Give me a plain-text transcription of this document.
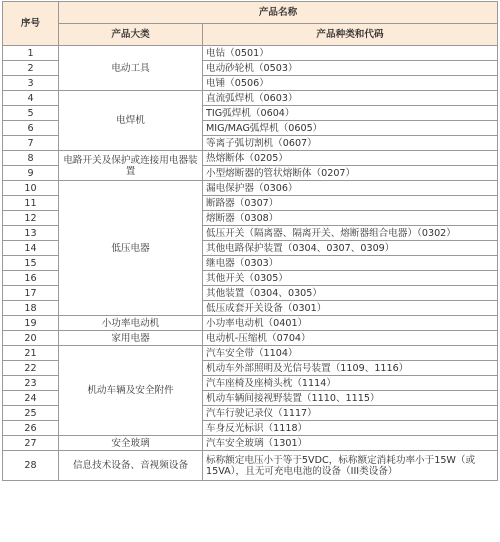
序号	产品名称	
	产品大类	产品种类和代码
1	电动工具	电钻（0501）
2		电动砂轮机（0503）
3		电锤（0506）
4	电焊机	直流弧焊机（0603）
5		TIG弧焊机（0604）
6		MIG/MAG弧焊机（0605）
7		等离子弧切割机（0607）
8	电路开关及保护或连接用电器装置	热熔断体（0205）
9		小型熔断器的管状熔断体（0207）
10	低压电器	漏电保护器（0306）
11		断路器（0307）
12		熔断器（0308）
13		低压开关（隔离器、隔离开关、熔断器组合电器）（0302）
14		其他电路保护装置（0304、0307、0309）
15		继电器（0303）
16		其他开关（0305）
17		其他装置（0304、0305）
18		低压成套开关设备（0301）
19	小功率电动机	小功率电动机（0401）
20	家用电器	电动机-压缩机（0704）
21	机动车辆及安全附件	汽车安全带（1104）
22		机动车外部照明及光信号装置（1109、1116）
23		汽车座椅及座椅头枕（1114）
24		机动车辆间接视野装置（1110、1115）
25		汽车行驶记录仪（1117）
26		车身反光标识（1118）
27	安全玻璃	汽车安全玻璃（1301）
28	信息技术设备、音视频设备	标称额定电压小于等于5VDC，标称额定消耗功率小于15W（或15VA），且无可充电电池的设备（III类设备）
